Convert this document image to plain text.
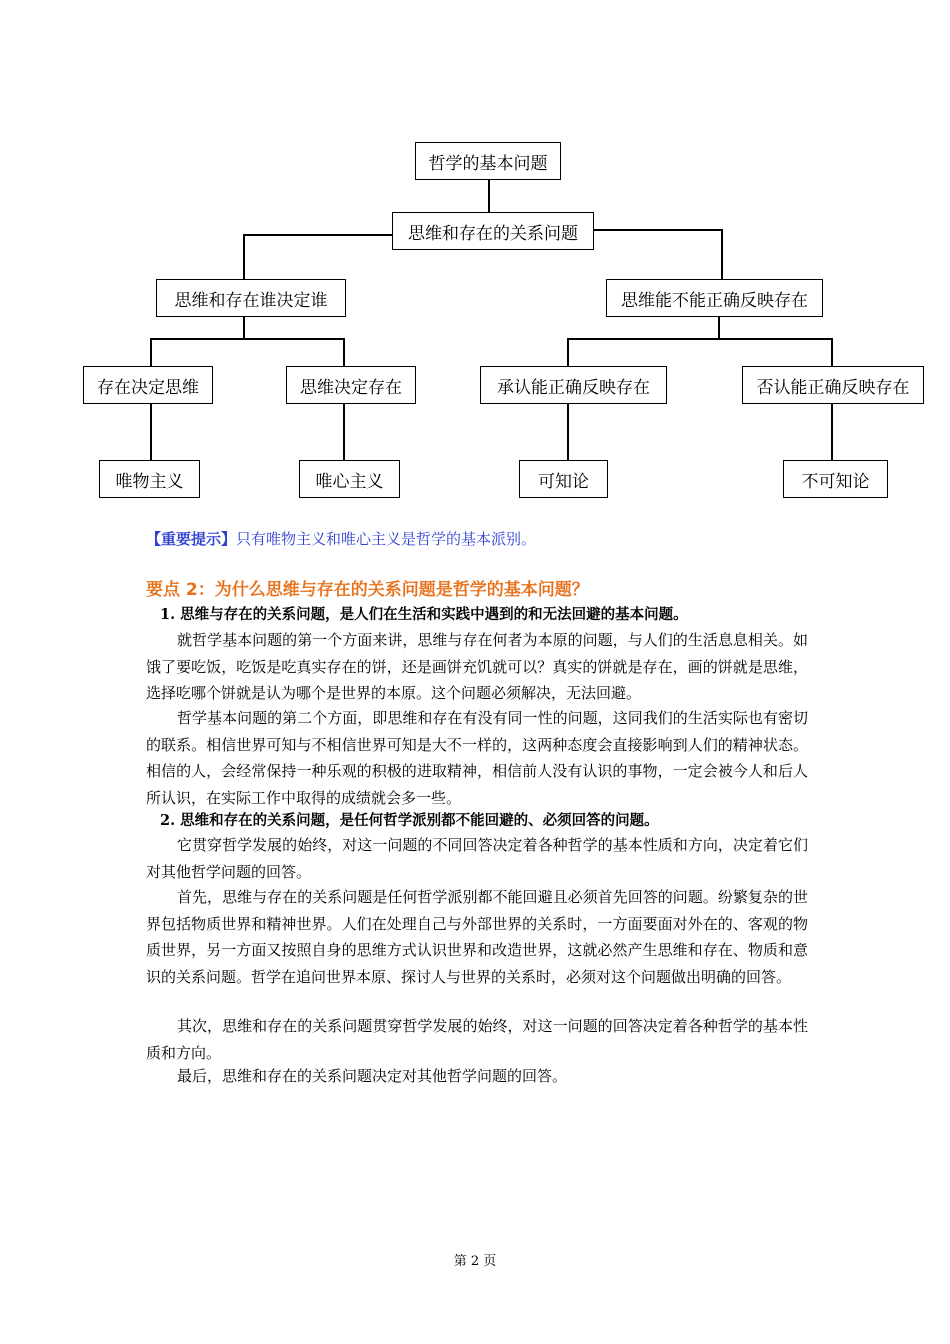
哲学的基本问题
思维和存在的关系问题
思维和存在谁决定谁	思维能不能正确反映存在
存在决定思维	思维决定存在	承认能正确反映存在	否认能正确反映存在
唯物主义	唯心主义	可知论	不可知论
【重要提示】只有唯物主义和唯心主义是哲学的基本派别。
要点 2：为什么思维与存在的关系问题是哲学的基本问题？
1. 思维与存在的关系问题，是人们在生活和实践中遇到的和无法回避的基本问题。
就哲学基本问题的第一个方面来讲，思维与存在何者为本原的问题，与人们的生活息息相关。如饿了要吃饭，吃饭是吃真实存在的饼，还是画饼充饥就可以？真实的饼就是存在，画的饼就是思维，选择吃哪个饼就是认为哪个是世界的本原。这个问题必须解决，无法回避。
哲学基本问题的第二个方面，即思维和存在有没有同一性的问题，这同我们的生活实际也有密切的联系。相信世界可知与不相信世界可知是大不一样的，这两种态度会直接影响到人们的精神状态。相信的人，会经常保持一种乐观的积极的进取精神，相信前人没有认识的事物，一定会被今人和后人所认识，在实际工作中取得的成绩就会多一些。
2. 思维和存在的关系问题，是任何哲学派别都不能回避的、必须回答的问题。
它贯穿哲学发展的始终，对这一问题的不同回答决定着各种哲学的基本性质和方向，决定着它们对其他哲学问题的回答。
首先，思维与存在的关系问题是任何哲学派别都不能回避且必须首先回答的问题。纷繁复杂的世界包括物质世界和精神世界。人们在处理自己与外部世界的关系时，一方面要面对外在的、客观的物质世界，另一方面又按照自身的思维方式认识世界和改造世界，这就必然产生思维和存在、物质和意识的关系问题。哲学在追问世界本原、探讨人与世界的关系时，必须对这个问题做出明确的回答。
其次，思维和存在的关系问题贯穿哲学发展的始终，对这一问题的回答决定着各种哲学的基本性质和方向。
最后，思维和存在的关系问题决定对其他哲学问题的回答。
第 2 页
